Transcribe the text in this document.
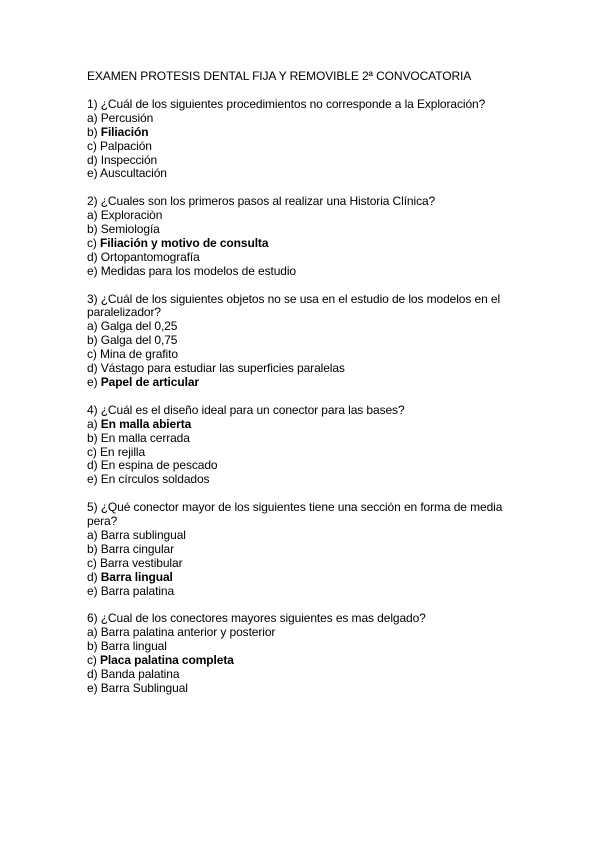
EXAMEN PROTESIS DENTAL FIJA Y REMOVIBLE 2ª CONVOCATORIA

1) ¿Cuál de los siguientes procedimientos no corresponde a la Exploración?

a) Percusión
b) Filiación
c) Palpación
d) Inspección
e) Auscultación

2) ¿Cuales son los primeros pasos al realizar una Historia Clínica?

a) Exploraciòn
b) Semiología
c) Filiación y motivo de consulta
d) Ortopantomografía
e) Medidas para los modelos de estudio

3) ¿Cuál de los siguientes objetos no se usa en el estudio de los modelos en el paralelizador?

a) Galga del 0,25
b) Galga del 0,75
c) Mina de grafito
d) Vástago para estudiar las superficies paralelas
e) Papel de articular

4) ¿Cuál es el diseño ideal para un conector para las bases?

a) En malla abierta
b) En malla cerrada
c) En rejilla
d) En espina de pescado
e) En círculos soldados

5) ¿Qué conector mayor de los siguientes tiene una sección en forma de media pera?

a) Barra sublingual
b) Barra cingular
c) Barra vestibular
d) Barra lingual
e) Barra palatina

6) ¿Cual de los conectores mayores siguientes es mas delgado?

a) Barra palatina anterior y posterior
b) Barra lingual
c) Placa palatina completa
d) Banda palatina
e) Barra Sublingual
